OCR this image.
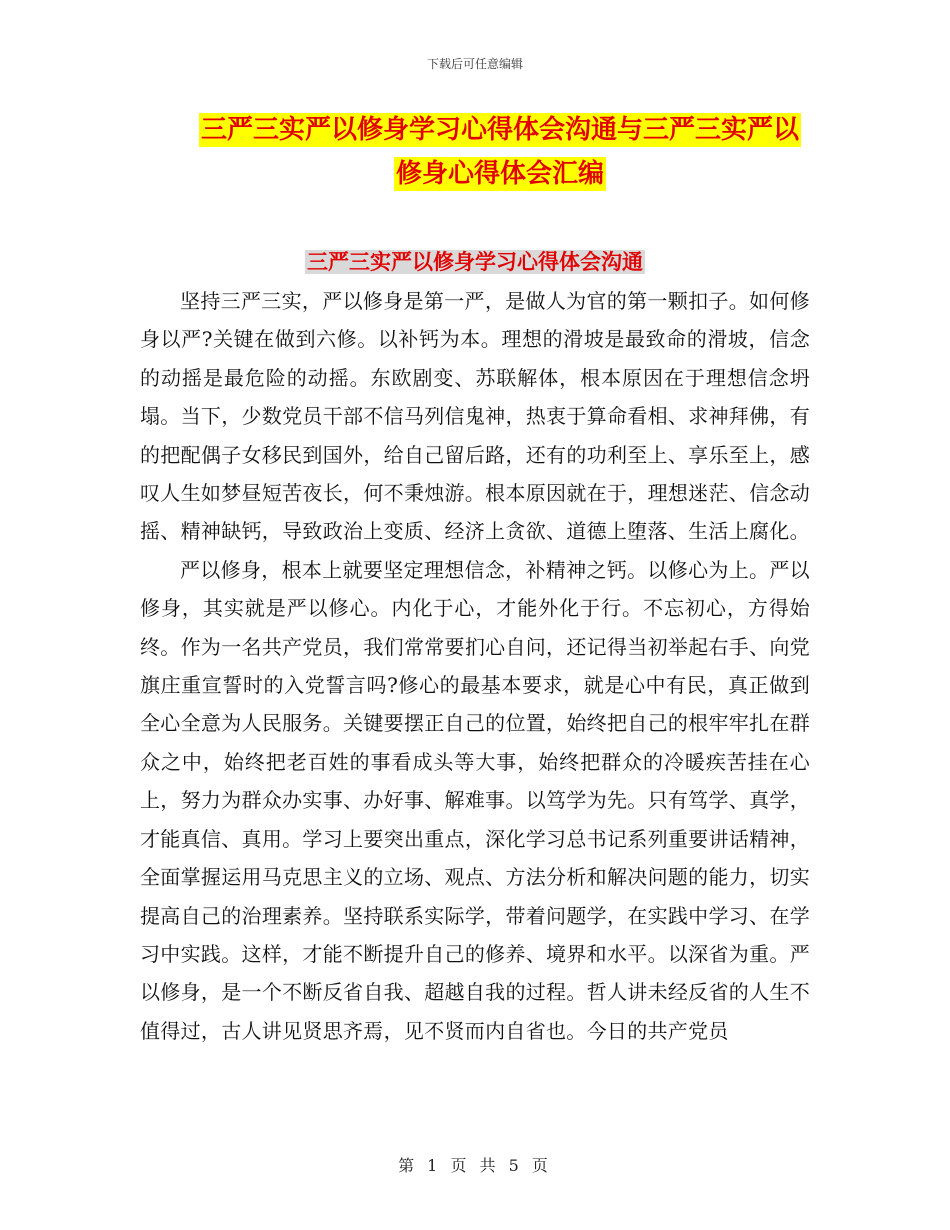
下载后可任意编辑
三严三实严以修身学习心得体会沟通与三严三实严以修身心得体会汇编
三严三实严以修身学习心得体会沟通

坚持三严三实，严以修身是第一严，是做人为官的第一颗扣子。如何修身以严?关键在做到六修。以补钙为本。理想的滑坡是最致命的滑坡，信念的动摇是最危险的动摇。东欧剧变、苏联解体，根本原因在于理想信念坍塌。当下，少数党员干部不信马列信鬼神，热衷于算命看相、求神拜佛，有的把配偶子女移民到国外，给自己留后路，还有的功利至上、享乐至上，感叹人生如梦昼短苦夜长，何不秉烛游。根本原因就在于，理想迷茫、信念动摇、精神缺钙，导致政治上变质、经济上贪欲、道德上堕落、生活上腐化。

严以修身，根本上就要坚定理想信念，补精神之钙。以修心为上。严以修身，其实就是严以修心。内化于心，才能外化于行。不忘初心，方得始终。作为一名共产党员，我们常常要扪心自问，还记得当初举起右手、向党旗庄重宣誓时的入党誓言吗?修心的最基本要求，就是心中有民，真正做到全心全意为人民服务。关键要摆正自己的位置，始终把自己的根牢牢扎在群众之中，始终把老百姓的事看成头等大事，始终把群众的冷暖疾苦挂在心上，努力为群众办实事、办好事、解难事。以笃学为先。只有笃学、真学，才能真信、真用。学习上要突出重点，深化学习总书记系列重要讲话精神，全面掌握运用马克思主义的立场、观点、方法分析和解决问题的能力，切实提高自己的治理素养。坚持联系实际学，带着问题学，在实践中学习、在学习中实践。这样，才能不断提升自己的修养、境界和水平。以深省为重。严以修身，是一个不断反省自我、超越自我的过程。哲人讲未经反省的人生不值得过，古人讲见贤思齐焉，见不贤而内自省也。今日的共产党员

第 1 页 共 5 页
